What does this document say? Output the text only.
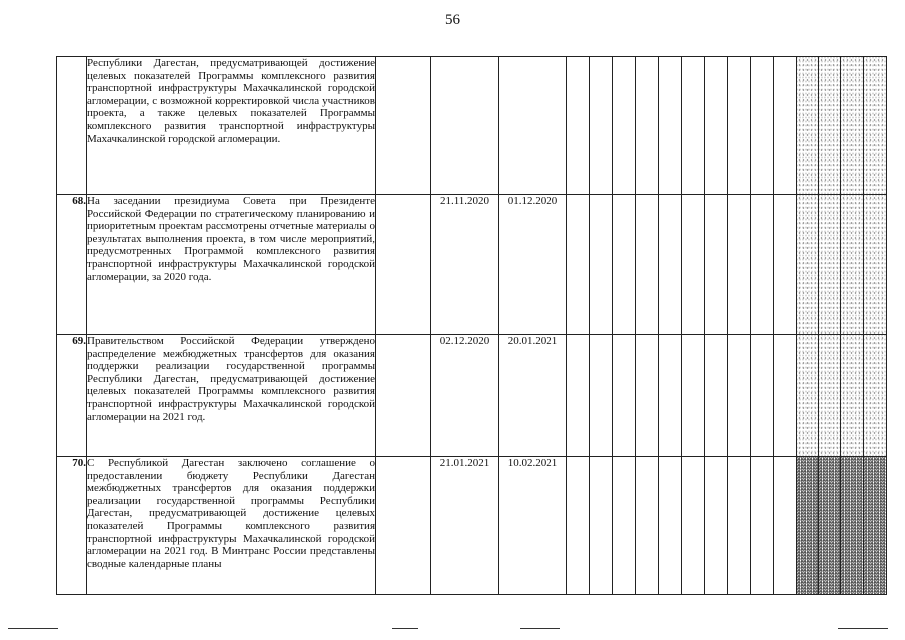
56

	Республики Дагестан, предусматривающей достижение целевых показателей Программы комплексного развития транспортной инфраструктуры Махачкалинской городской агломерации, с возможной корректировкой числа участников проекта, а также целевых показателей Программы комплексного развития транспортной инфраструктуры Махачкалинской городской агломерации.																	

68.	На заседании президиума Совета при Президенте Российской Федерации по стратегическому планированию и приоритетным проектам рассмотрены отчетные материалы о результатах выполнения проекта, в том числе мероприятий, предусмотренных Программой комплексного развития транспортной инфраструктуры Махачкалинской городской агломерации, за 2020 года.		21.11.2020	01.12.2020														
69.	Правительством Российской Федерации утверждено распределение межбюджетных трансфертов для оказания поддержки реализации государственной программы Республики Дагестан, предусматривающей достижение целевых показателей Программы комплексного развития транспортной инфраструктуры Махачкалинской городской агломерации на 2021 год.		02.12.2020	20.01.2021														
70.	С Республикой Дагестан заключено соглашение о предоставлении бюджету Республики Дагестан межбюджетных трансфертов для оказания поддержки реализации государственной программы Республики Дагестан, предусматривающей достижение целевых показателей Программы комплексного развития транспортной инфраструктуры Махачкалинской городской агломерации на 2021 год. В Минтранс России представлены сводные календарные планы		21.01.2021	10.02.2021														
